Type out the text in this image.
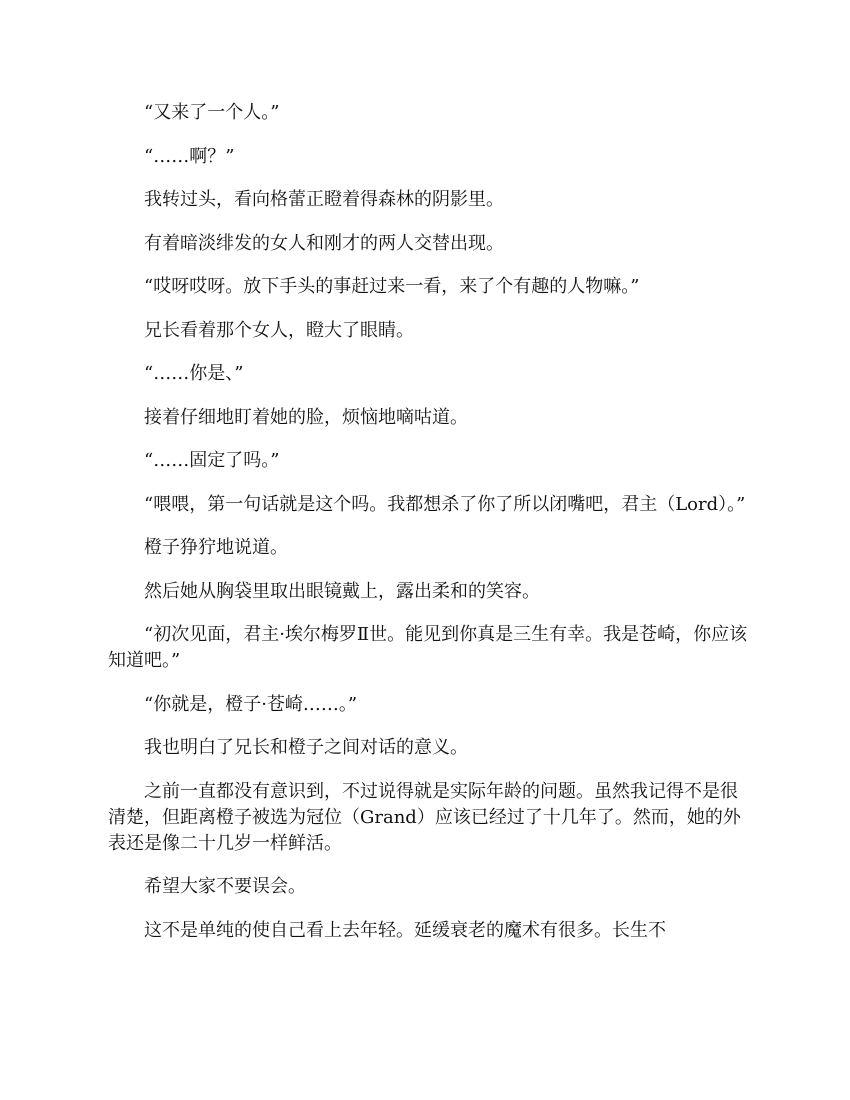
“又来了一个人。”

“……啊？”

我转过头，看向格蕾正瞪着得森林的阴影里。

有着暗淡绯发的女人和刚才的两人交替出现。

“哎呀哎呀。放下手头的事赶过来一看，来了个有趣的人物嘛。”

兄长看着那个女人，瞪大了眼睛。

“……你是、”

接着仔细地盯着她的脸，烦恼地嘀咕道。

“……固定了吗。”

“喂喂，第一句话就是这个吗。我都想杀了你了所以闭嘴吧，君主（Lord）。”

橙子狰狞地说道。

然后她从胸袋里取出眼镜戴上，露出柔和的笑容。

“初次见面，君主·埃尔梅罗Ⅱ世。能见到你真是三生有幸。我是苍崎，你应该知道吧。”

“你就是，橙子·苍崎……。”

我也明白了兄长和橙子之间对话的意义。

之前一直都没有意识到，不过说得就是实际年龄的问题。虽然我记得不是很清楚，但距离橙子被选为冠位（Grand）应该已经过了十几年了。然而，她的外表还是像二十几岁一样鲜活。

希望大家不要误会。

这不是单纯的使自己看上去年轻。延缓衰老的魔术有很多。长生不
